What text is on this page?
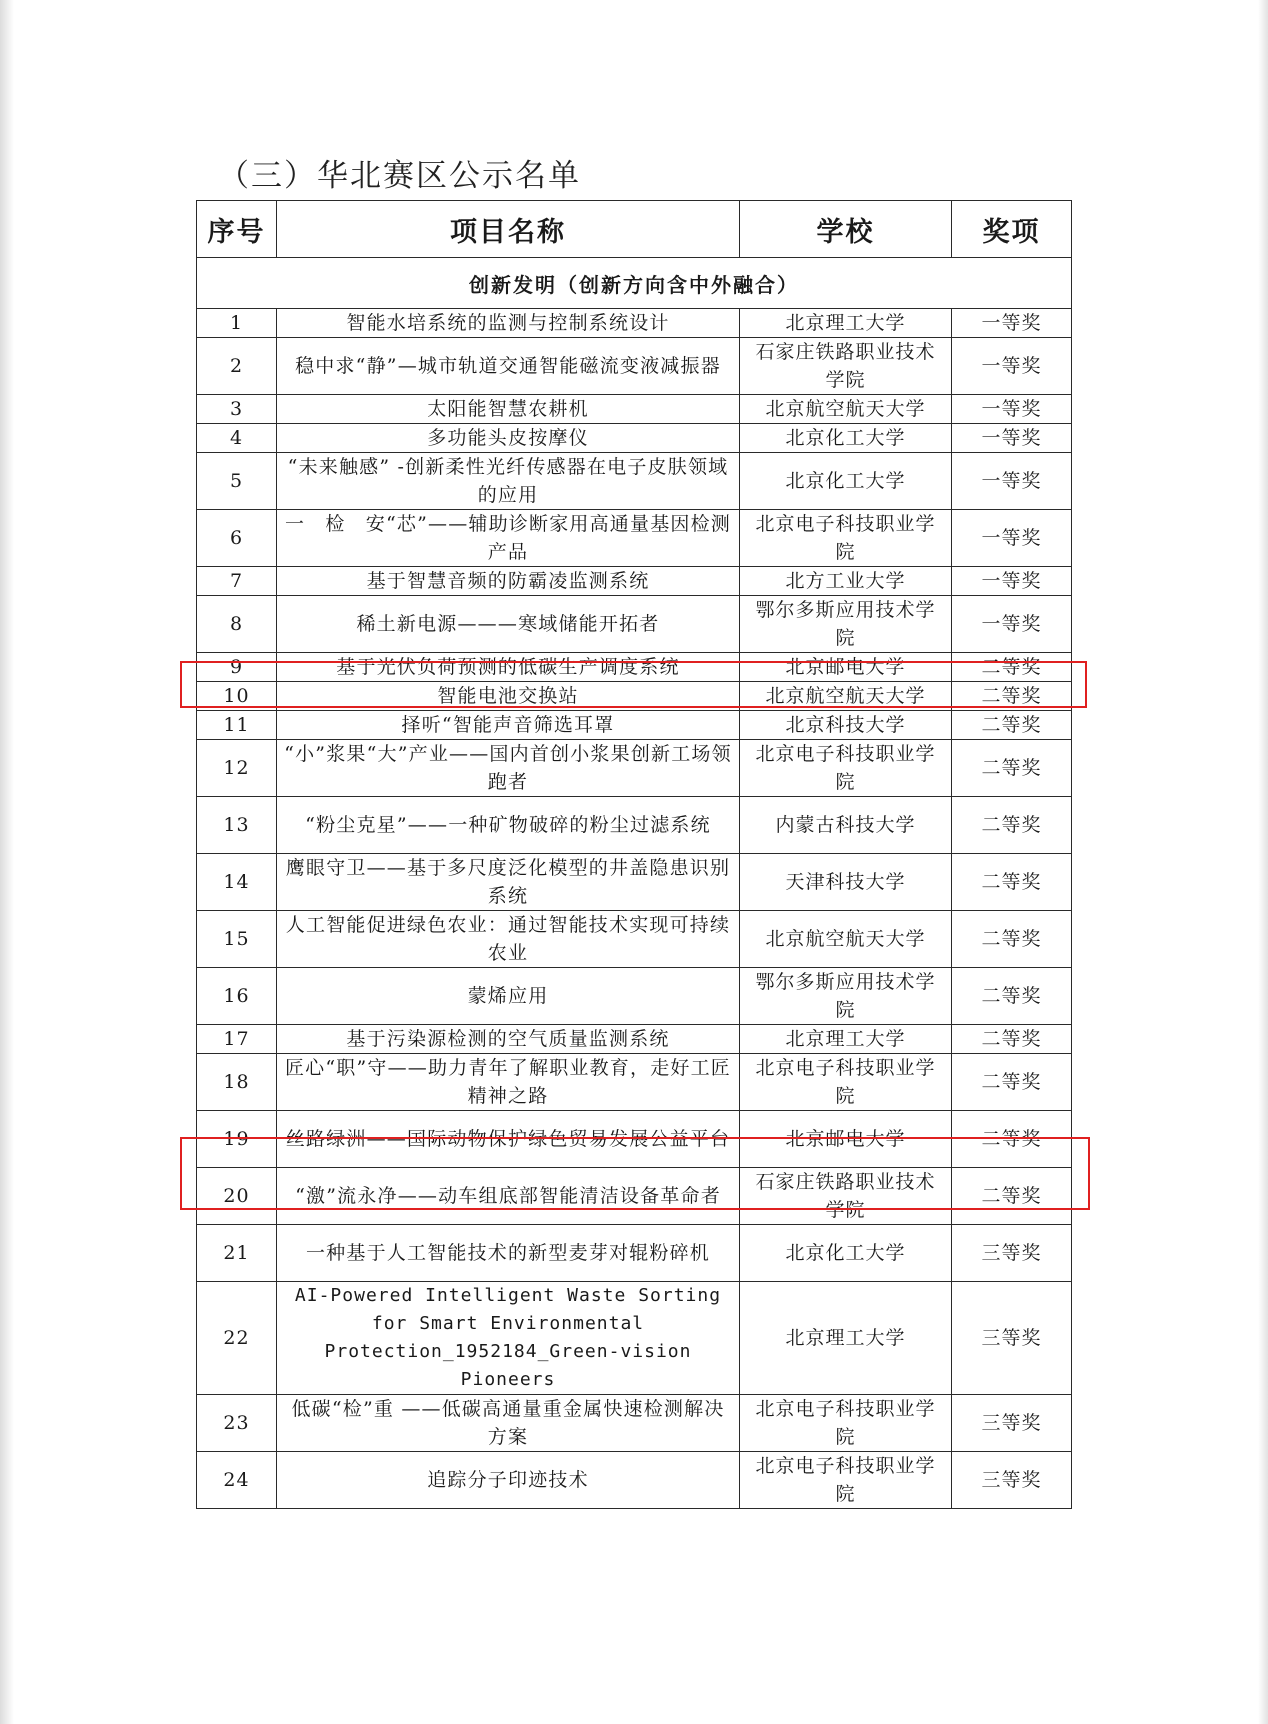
（三）华北赛区公示名单
序号	项目名称	学校	奖项
创新发明（创新方向含中外融合）			
1	智能水培系统的监测与控制系统设计	北京理工大学	一等奖
2	稳中求“静”—城市轨道交通智能磁流变液减振器	石家庄铁路职业技术学院	一等奖
3	太阳能智慧农耕机	北京航空航天大学	一等奖
4	多功能头皮按摩仪	北京化工大学	一等奖
5	“未来触感” -创新柔性光纤传感器在电子皮肤领域的应用	北京化工大学	一等奖
6	一　检　安“芯”——辅助诊断家用高通量基因检测产品	北京电子科技职业学院	一等奖
7	基于智慧音频的防霸凌监测系统	北方工业大学	一等奖
8	稀土新电源———寒域储能开拓者	鄂尔多斯应用技术学院	一等奖
9	基于光伏负荷预测的低碳生产调度系统	北京邮电大学	二等奖
10	智能电池交换站	北京航空航天大学	二等奖
11	择听“智能声音筛选耳罩	北京科技大学	二等奖
12	“小”浆果“大”产业——国内首创小浆果创新工场领跑者	北京电子科技职业学院	二等奖
13	“粉尘克星”——一种矿物破碎的粉尘过滤系统	内蒙古科技大学	二等奖
14	鹰眼守卫——基于多尺度泛化模型的井盖隐患识别系统	天津科技大学	二等奖
15	人工智能促进绿色农业：通过智能技术实现可持续农业	北京航空航天大学	二等奖
16	蒙烯应用	鄂尔多斯应用技术学院	二等奖
17	基于污染源检测的空气质量监测系统	北京理工大学	二等奖
18	匠心“职”守——助力青年了解职业教育，走好工匠精神之路	北京电子科技职业学院	二等奖
19	丝路绿洲——国际动物保护绿色贸易发展公益平台	北京邮电大学	二等奖
20	“激”流永净——动车组底部智能清洁设备革命者	石家庄铁路职业技术学院	二等奖
21	一种基于人工智能技术的新型麦芽对辊粉碎机	北京化工大学	三等奖
22	AI-Powered Intelligent Waste Sorting for Smart Environmental Protection_1952184_Green-vision Pioneers	北京理工大学	三等奖
23	低碳“检”重 ——低碳高通量重金属快速检测解决方案	北京电子科技职业学院	三等奖
24	追踪分子印迹技术	北京电子科技职业学院	三等奖
